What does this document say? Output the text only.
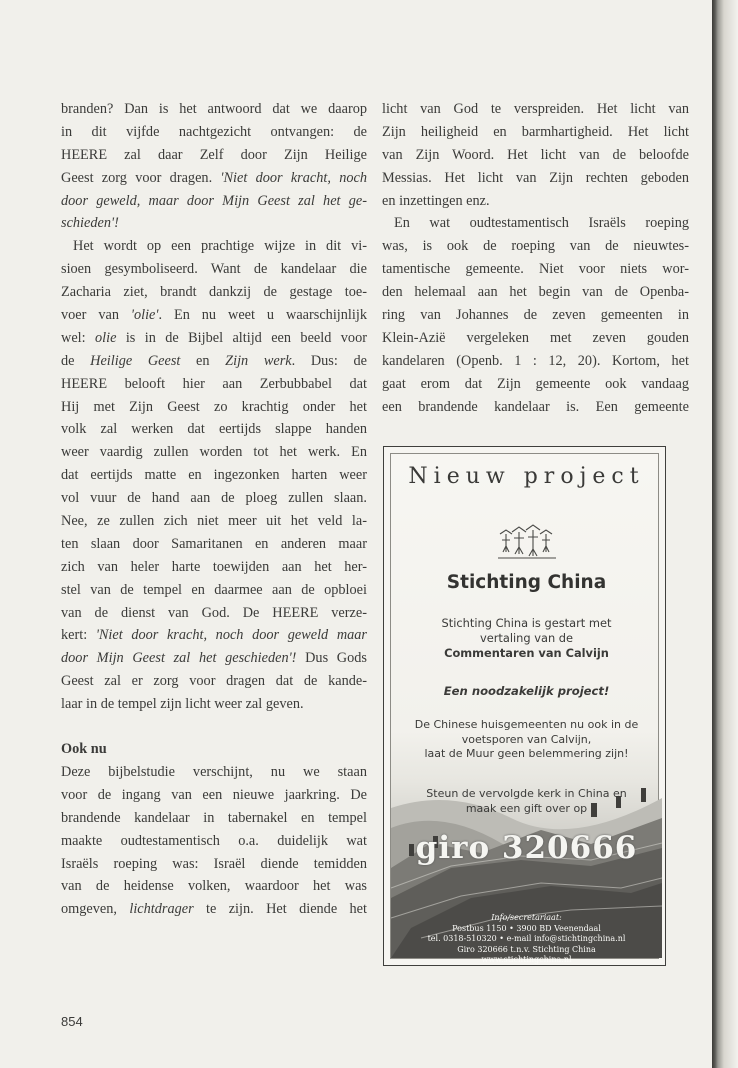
branden? Dan is het antwoord dat we daarop
in dit vijfde nachtgezicht ontvangen: de
HEERE zal daar Zelf door Zijn Heilige
Geest zorg voor dragen. 'Niet door kracht, noch
door geweld, maar door Mijn Geest zal het ge-
schieden'!
Het wordt op een prachtige wijze in dit vi-
sioen gesymboliseerd. Want de kandelaar die
Zacharia ziet, brandt dankzij de gestage toe-
voer van 'olie'. En nu weet u waarschijnlijk
wel: olie is in de Bijbel altijd een beeld voor
de Heilige Geest en Zijn werk. Dus: de
HEERE belooft hier aan Zerbubbabel dat
Hij met Zijn Geest zo krachtig onder het
volk zal werken dat eertijds slappe handen
weer vaardig zullen worden tot het werk. En
dat eertijds matte en ingezonken harten weer
vol vuur de hand aan de ploeg zullen slaan.
Nee, ze zullen zich niet meer uit het veld la-
ten slaan door Samaritanen en anderen maar
zich van heler harte toewijden aan het her-
stel van de tempel en daarmee aan de opbloei
van de dienst van God. De HEERE verze-
kert: 'Niet door kracht, noch door geweld maar
door Mijn Geest zal het geschieden'! Dus Gods
Geest zal er zorg voor dragen dat de kande-
laar in de tempel zijn licht weer zal geven.
Ook nu
Deze bijbelstudie verschijnt, nu we staan
voor de ingang van een nieuwe jaarkring. De
brandende kandelaar in tabernakel en tempel
maakte oudtestamentisch o.a. duidelijk wat
Israëls roeping was: Israël diende temidden
van de heidense volken, waardoor het was
omgeven, lichtdrager te zijn. Het diende het
licht van God te verspreiden. Het licht van
Zijn heiligheid en barmhartigheid. Het licht
van Zijn Woord. Het licht van de beloofde
Messias. Het licht van Zijn rechten geboden
en inzettingen enz.
En wat oudtestamentisch Israëls roeping
was, is ook de roeping van de nieuwtes-
tamentische gemeente. Niet voor niets wor-
den helemaal aan het begin van de Openba-
ring van Johannes de zeven gemeenten in
Klein-Azië vergeleken met zeven gouden
kandelaren (Openb. 1 : 12, 20). Kortom, het
gaat erom dat Zijn gemeente ook vandaag
een brandende kandelaar is. Een gemeente
Nieuw project
Stichting China
Stichting China is gestart met
vertaling van de
Commentaren van Calvijn
Een noodzakelijk project!
De Chinese huisgemeenten nu ook in de
voetsporen van Calvijn,
laat de Muur geen belemmering zijn!
Steun de vervolgde kerk in China en
maak een gift over op
giro 320666
Info/secretariaat:
Postbus 1150 • 3900 BD Veenendaal
tel. 0318-510320 • e-mail info@stichtingchina.nl
Giro 320666 t.n.v. Stichting China
www.stichtingchina.nl
854
